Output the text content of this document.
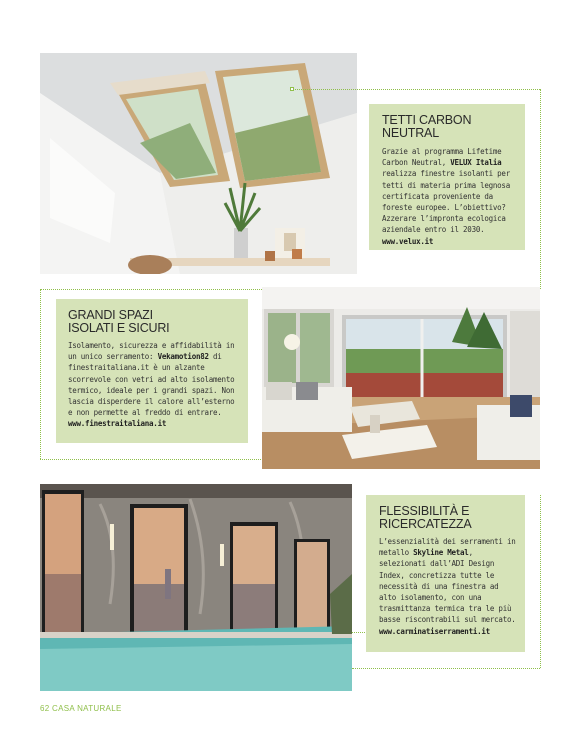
TETTI CARBON NEUTRAL

Grazie al programma Lifetime Carbon Neutral, VELUX Italia realizza finestre isolanti per tetti di materia prima legnosa certificata proveniente da foreste europee. L’obiettivo? Azzerare l’impronta ecologica aziendale entro il 2030.
www.velux.it

GRANDI SPAZI
ISOLATI E SICURI

Isolamento, sicurezza e affidabilità in un unico serramento: Vekamotion82 di finestraitaliana.it è un alzante scorrevole con vetri ad alto isolamento termico, ideale per i grandi spazi. Non lascia disperdere il calore all’esterno e non permette al freddo di entrare.
www.finestraitaliana.it

FLESSIBILITÀ E
RICERCATEZZA

L’essenzialità dei serramenti in metallo Skyline Metal, selezionati dall’ADI Design Index, concretizza tutte le necessità di una finestra ad alto isolamento, con una trasmittanza termica tra le più basse riscontrabili sul mercato.
www.carminatiserramenti.it

62 CASA NATURALE
